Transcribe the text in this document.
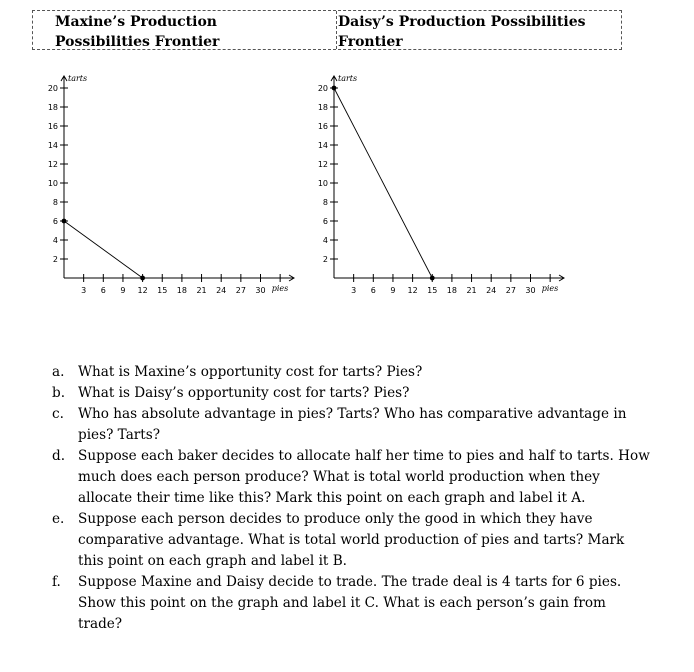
Maxine’s Production Possibilities Frontier
Daisy’s Production Possibilities Frontier
3 6 9 12 15 18 21 24 27 30 pies
2
4
6
8
10
12
14
16
18
20
tarts
3 6 9 12 15 18 21 24 27 30 pies
2
4
6
8
10
12
14
16
18
20
tarts
a. What is Maxine’s opportunity cost for tarts? Pies?
b. What is Daisy’s opportunity cost for tarts? Pies?
c. Who has absolute advantage in pies? Tarts? Who has comparative advantage in pies? Tarts?
d. Suppose each baker decides to allocate half her time to pies and half to tarts. How much does each person produce? What is total world production when they allocate their time like this? Mark this point on each graph and label it A.
e. Suppose each person decides to produce only the good in which they have comparative advantage. What is total world production of pies and tarts? Mark this point on each graph and label it B.
f. Suppose Maxine and Daisy decide to trade. The trade deal is 4 tarts for 6 pies. Show this point on the graph and label it C. What is each person’s gain from trade?
